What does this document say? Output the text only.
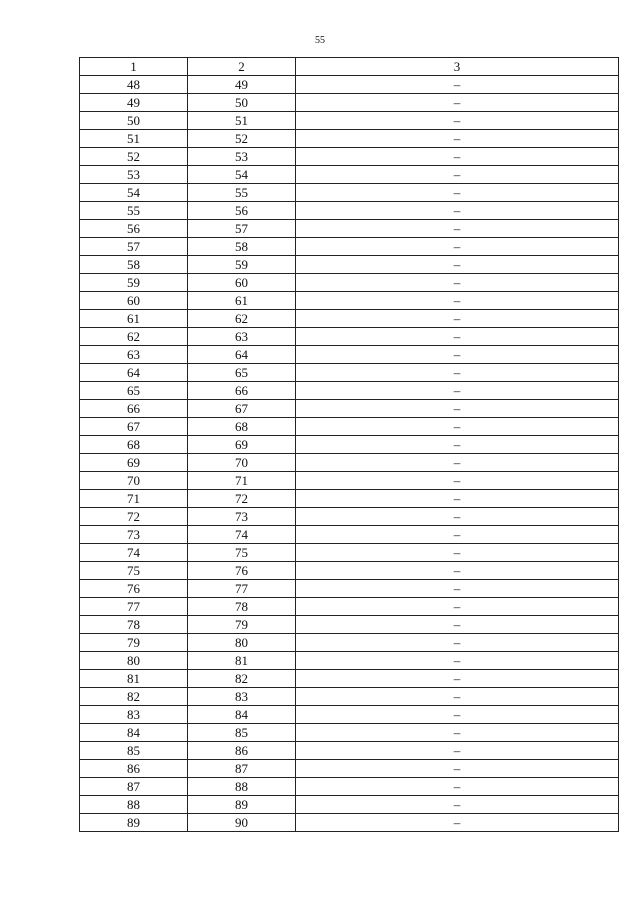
55
1	2	3
48	49	–
49	50	–
50	51	–
51	52	–
52	53	–
53	54	–
54	55	–
55	56	–
56	57	–
57	58	–
58	59	–
59	60	–
60	61	–
61	62	–
62	63	–
63	64	–
64	65	–
65	66	–
66	67	–
67	68	–
68	69	–
69	70	–
70	71	–
71	72	–
72	73	–
73	74	–
74	75	–
75	76	–
76	77	–
77	78	–
78	79	–
79	80	–
80	81	–
81	82	–
82	83	–
83	84	–
84	85	–
85	86	–
86	87	–
87	88	–
88	89	–
89	90	–
